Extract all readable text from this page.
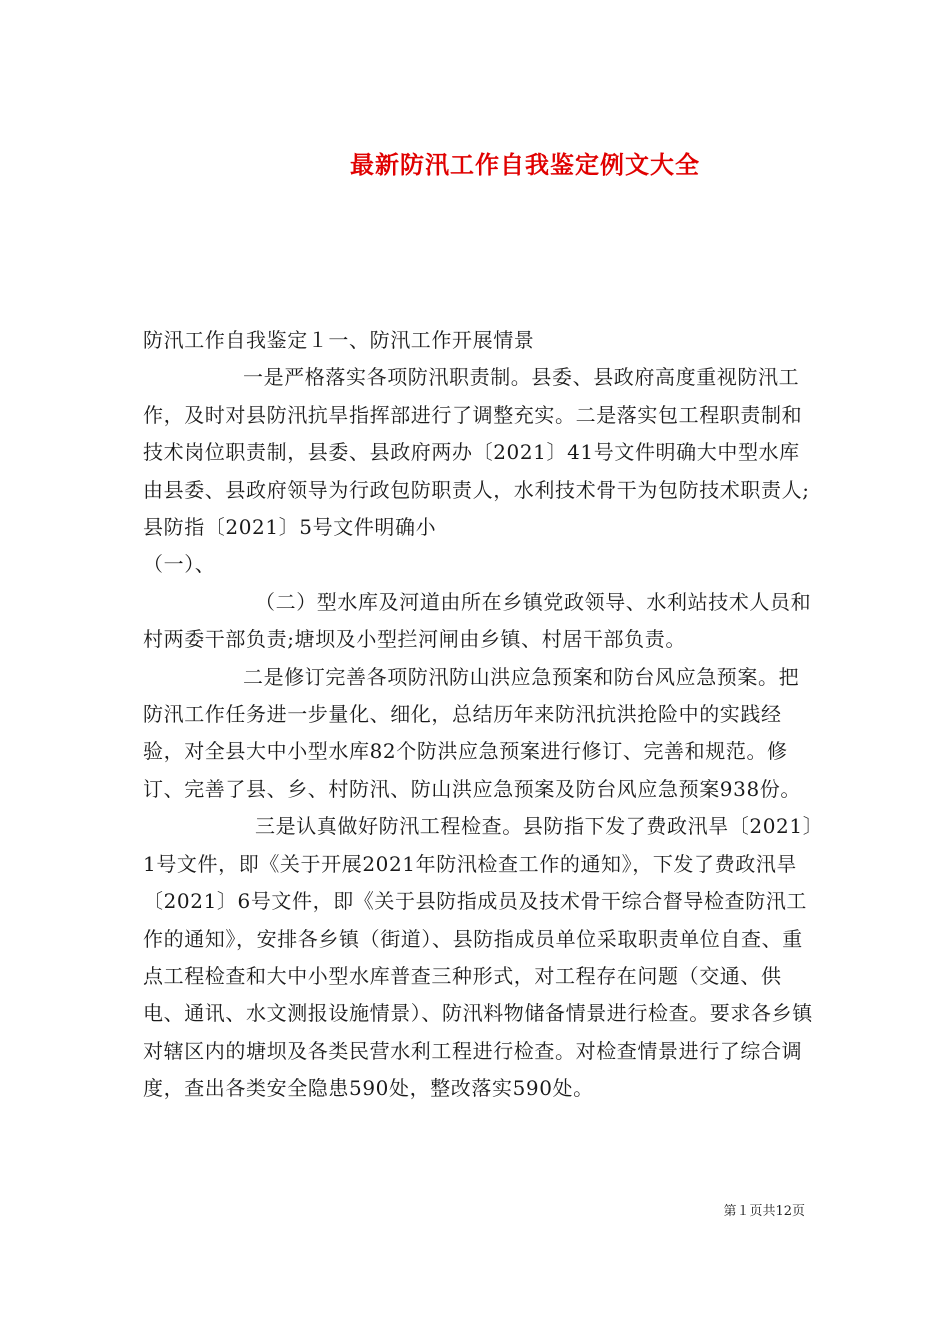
最新防汛工作自我鉴定例文大全

防汛工作自我鉴定１一、防汛工作开展情景

一是严格落实各项防汛职责制。县委、县政府高度重视防汛工作，及时对县防汛抗旱指挥部进行了调整充实。二是落实包工程职责制和技术岗位职责制，县委、县政府两办〔2021〕41号文件明确大中型水库由县委、县政府领导为行政包防职责人，水利技术骨干为包防技术职责人;县防指〔2021〕5号文件明确小

（一）、

（二）型水库及河道由所在乡镇党政领导、水利站技术人员和村两委干部负责;塘坝及小型拦河闸由乡镇、村居干部负责。

二是修订完善各项防汛防山洪应急预案和防台风应急预案。把防汛工作任务进一步量化、细化，总结历年来防汛抗洪抢险中的实践经验，对全县大中小型水库82个防洪应急预案进行修订、完善和规范。修订、完善了县、乡、村防汛、防山洪应急预案及防台风应急预案938份。

三是认真做好防汛工程检查。县防指下发了费政汛旱〔2021〕1号文件，即《关于开展2021年防汛检查工作的通知》，下发了费政汛旱〔2021〕6号文件，即《关于县防指成员及技术骨干综合督导检查防汛工作的通知》，安排各乡镇（街道）、县防指成员单位采取职责单位自查、重点工程检查和大中小型水库普查三种形式，对工程存在问题（交通、供电、通讯、水文测报设施情景）、防汛料物储备情景进行检查。要求各乡镇对辖区内的塘坝及各类民营水利工程进行检查。对检查情景进行了综合调度，查出各类安全隐患590处，整改落实590处。

第１页共12页
